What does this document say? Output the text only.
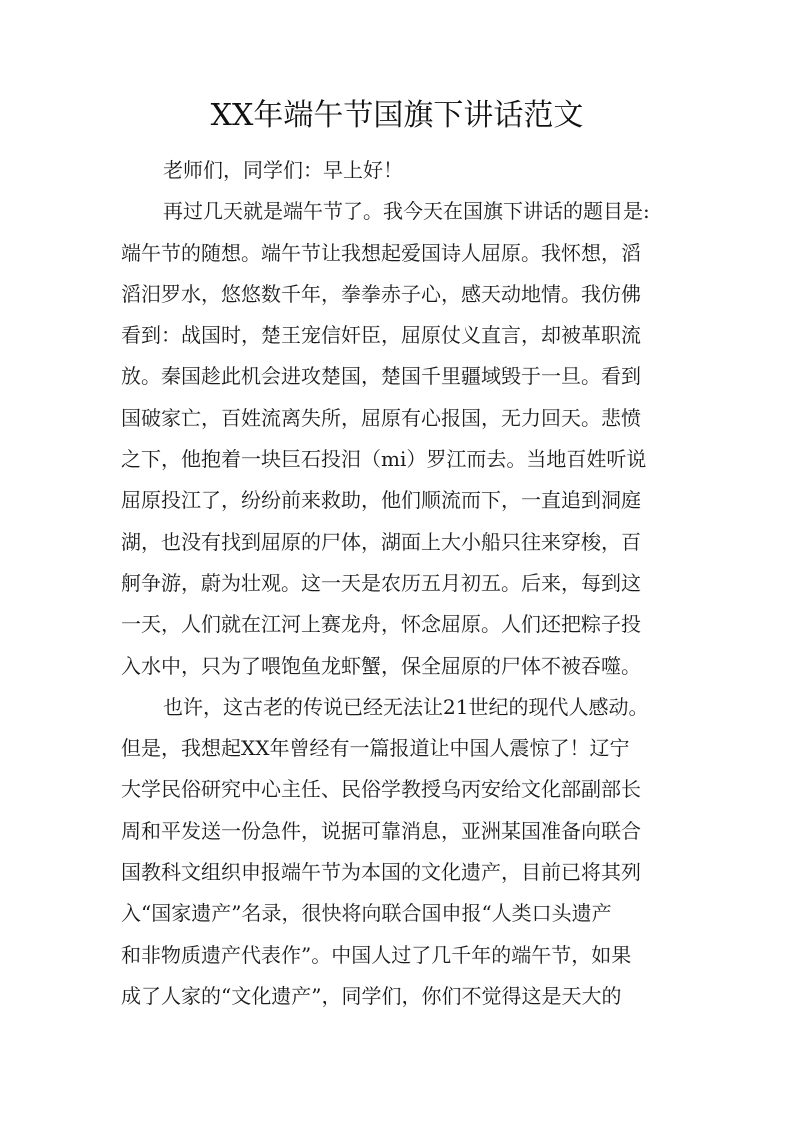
XX年端午节国旗下讲话范文
老师们，同学们：早上好！
再过几天就是端午节了。我今天在国旗下讲话的题目是:
端午节的随想。端午节让我想起爱国诗人屈原。我怀想，滔
滔汨罗水，悠悠数千年，拳拳赤子心，感天动地情。我仿佛
看到：战国时，楚王宠信奸臣，屈原仗义直言，却被革职流
放。秦国趁此机会进攻楚国，楚国千里疆域毁于一旦。看到
国破家亡，百姓流离失所，屈原有心报国，无力回天。悲愤
之下，他抱着一块巨石投汨（mi）罗江而去。当地百姓听说
屈原投江了，纷纷前来救助，他们顺流而下，一直追到洞庭
湖，也没有找到屈原的尸体，湖面上大小船只往来穿梭，百
舸争游，蔚为壮观。这一天是农历五月初五。后来，每到这
一天，人们就在江河上赛龙舟，怀念屈原。人们还把粽子投
入水中，只为了喂饱鱼龙虾蟹，保全屈原的尸体不被吞噬。
也许，这古老的传说已经无法让21世纪的现代人感动。
但是，我想起XX年曾经有一篇报道让中国人震惊了！辽宁
大学民俗研究中心主任、民俗学教授乌丙安给文化部副部长
周和平发送一份急件，说据可靠消息，亚洲某国准备向联合
国教科文组织申报端午节为本国的文化遗产，目前已将其列
入“国家遗产”名录，很快将向联合国申报“人类口头遗产
和非物质遗产代表作”。中国人过了几千年的端午节，如果
成了人家的“文化遗产”，同学们，你们不觉得这是天大的
